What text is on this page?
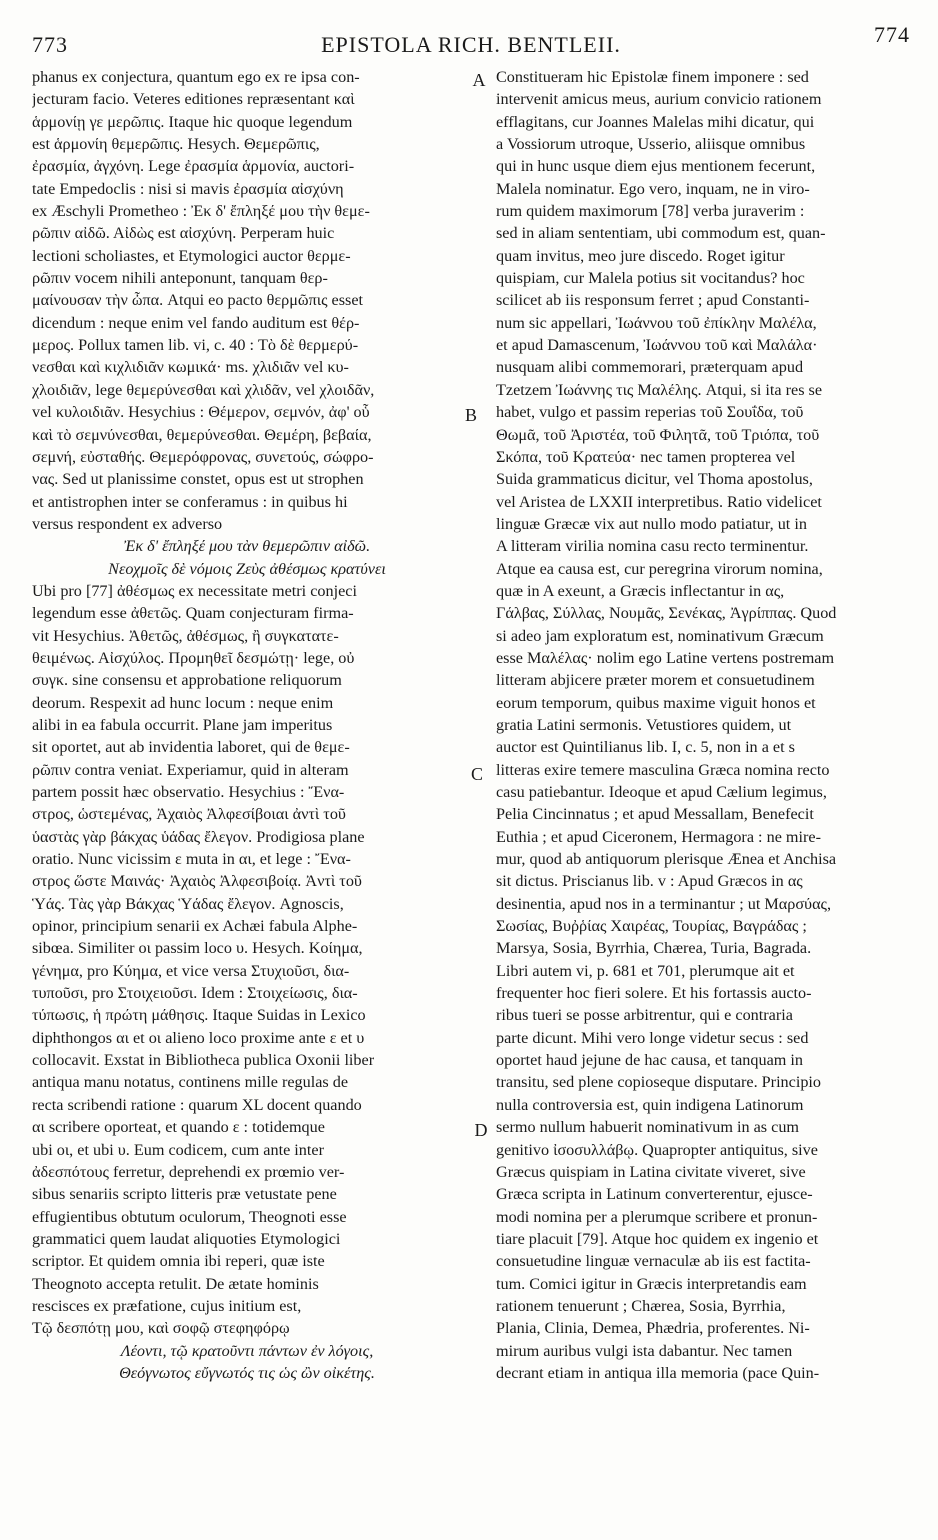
773	EPISTOLA RICH. BENTLEII.	774
phanus ex conjectura, quantum ego ex re ipsa con-
jecturam facio. Veteres editiones repræsentant καὶ
ἁρμονίῃ γε μερῶπις. Itaque hic quoque legendum
est ἁρμονίη θεμερῶπις. Hesych. Θεμερῶπις,
ἐρασμία, ἀγχόνη. Lege ἐρασμία ἁρμονία, auctori-
tate Empedoclis : nisi si mavis ἐρασμία αἰσχύνη
ex Æschyli Prometheo : Ἐκ δ' ἔπληξέ μου τὴν θεμε-
ρῶπιν αἰδῶ. Αἰδὼς est αἰσχύνη. Perperam huic
lectioni scholiastes, et Etymologici auctor θερμε-
ρῶπιν vocem nihili anteponunt, tanquam θερ-
μαίνουσαν τὴν ὦπα. Atqui eo pacto θερμῶπις esset
dicendum : neque enim vel fando auditum est θέρ-
μερος. Pollux tamen lib. vi, c. 40 : Τὸ δὲ θερμερύ-
νεσθαι καὶ κιχλιδιᾶν κωμικά· ms. χλιδιᾶν vel κυ-
χλοιδιᾶν, lege θεμερύνεσθαι καὶ χλιδᾶν, vel χλοιδᾶν,
vel κυλοιδιᾶν. Hesychius : Θέμερον, σεμνόν, ἀφ' οὗ
καὶ τὸ σεμνύνεσθαι, θεμερύνεσθαι. Θεμέρη, βεβαία,
σεμνή, εὐσταθής. Θεμερόφρονας, συνετούς, σώφρο-
νας. Sed ut planissime constet, opus est ut strophen
et antistrophen inter se conferamus : in quibus hi
versus respondent ex adverso
Ἐκ δ' ἔπληξέ μου τὰν θεμερῶπιν αἰδῶ.
Νεοχμοῖς δὲ νόμοις Ζεὺς ἀθέσμως κρατύνει
Ubi pro [77] ἀθέσμως ex necessitate metri conjeci
legendum esse ἀθετῶς. Quam conjecturam firma-
vit Hesychius. Ἀθετῶς, ἀθέσμως, ἢ συγκατατε-
θειμένως. Αἰσχύλος. Προμηθεῖ δεσμώτῃ· lege, οὐ
συγκ. sine consensu et approbatione reliquorum
deorum. Respexit ad hunc locum : neque enim
alibi in ea fabula occurrit. Plane jam imperitus
sit oportet, aut ab invidentia laboret, qui de θεμε-
ρῶπιν contra veniat. Experiamur, quid in alteram
partem possit hæc observatio. Hesychius : Ἔνα-
στρος, ὡστεμένας, Ἀχαιὸς Ἀλφεσίβοιαι ἀντὶ τοῦ
ὑαστὰς γὰρ βάκχας ὑάδας ἔλεγον. Prodigiosa plane
oratio. Nunc vicissim ε muta in αι, et lege : Ἔνα-
στρος ὥστε Μαινάς· Ἀχαιὸς Ἀλφεσιβοίᾳ. Ἀντὶ τοῦ
Ὑάς. Τὰς γὰρ Βάκχας Ὑάδας ἔλεγον. Agnoscis,
opinor, principium senarii ex Achæi fabula Alphe-
sibœa. Similiter οι passim loco υ. Hesych. Κοίημα,
γένημα, pro Κύημα, et vice versa Στυχιοῦσι, δια-
τυποῦσι, pro Στοιχειοῦσι. Idem : Στοιχείωσις, δια-
τύπωσις, ἡ πρώτη μάθησις. Itaque Suidas in Lexico
diphthongos αι et οι alieno loco proxime ante ε et υ
collocavit. Exstat in Bibliotheca publica Oxonii liber
antiqua manu notatus, continens mille regulas de
recta scribendi ratione : quarum XL docent quando
αι scribere oporteat, et quando ε : totidemque
ubi οι, et ubi υ. Eum codicem, cum ante inter
ἀδεσπότους ferretur, deprehendi ex prœmio ver-
sibus senariis scripto litteris præ vetustate pene
effugientibus obtutum oculorum, Theognoti esse
grammatici quem laudat aliquoties Etymologici
scriptor. Et quidem omnia ibi reperi, quæ iste
Theognoto accepta retulit. De ætate hominis
rescisces ex præfatione, cujus initium est,
Τῷ δεσπότῃ μου, καὶ σοφῷ στεφηφόρῳ
Λέοντι, τῷ κρατοῦντι πάντων ἐν λόγοις,
Θεόγνωτος εὔγνωτός τις ὡς ὢν οἰκέτης.
Constitueram hic Epistolæ finem imponere : sed
intervenit amicus meus, aurium convicio rationem
efflagitans, cur Joannes Malelas mihi dicatur, qui
a Vossiorum utroque, Usserio, aliisque omnibus
qui in hunc usque diem ejus mentionem fecerunt,
Malela nominatur. Ego vero, inquam, ne in viro-
rum quidem maximorum [78] verba juraverim :
sed in aliam sententiam, ubi commodum est, quan-
quam invitus, meo jure discedo. Roget igitur
quispiam, cur Malela potius sit vocitandus? hoc
scilicet ab iis responsum ferret ; apud Constanti-
num sic appellari, Ἰωάννου τοῦ ἐπίκλην Μαλέλα,
et apud Damascenum, Ἰωάννου τοῦ καὶ Μαλάλα·
nusquam alibi commemorari, præterquam apud
Tzetzem Ἰωάννης τις Μαλέλης. Atqui, si ita res se
habet, vulgo et passim reperias τοῦ Σουΐδα, τοῦ
Θωμᾶ, τοῦ Ἀριστέα, τοῦ Φιλητᾶ, τοῦ Τριόπα, τοῦ
Σκόπα, τοῦ Κρατεύα· nec tamen propterea vel
Suida grammaticus dicitur, vel Thoma apostolus,
vel Aristea de LXXII interpretibus. Ratio videlicet
linguæ Græcæ vix aut nullo modo patiatur, ut in
A litteram virilia nomina casu recto terminentur.
Atque ea causa est, cur peregrina virorum nomina,
quæ in A exeunt, a Græcis inflectantur in ας,
Γάλβας, Σύλλας, Νουμᾶς, Σενέκας, Ἀγρίππας. Quod
si adeo jam exploratum est, nominativum Græcum
esse Μαλέλας· nolim ego Latine vertens postremam
litteram abjicere præter morem et consuetudinem
eorum temporum, quibus maxime viguit honos et
gratia Latini sermonis. Vetustiores quidem, ut
auctor est Quintilianus lib. I, c. 5, non in a et s
litteras exire temere masculina Græca nomina recto
casu patiebantur. Ideoque et apud Cælium legimus,
Pelia Cincinnatus ; et apud Messallam, Benefecit
Euthia ; et apud Ciceronem, Hermagora : ne mire-
mur, quod ab antiquorum plerisque Ænea et Anchisa
sit dictus. Priscianus lib. v : Apud Græcos in ας
desinentia, apud nos in a terminantur ; ut Μαρσύας,
Σωσίας, Βυῤῥίας Χαιρέας, Τουρίας, Βαγράδας ;
Marsya, Sosia, Byrrhia, Chærea, Turia, Bagrada.
Libri autem vi, p. 681 et 701, plerumque ait et
frequenter hoc fieri solere. Et his fortassis aucto-
ribus tueri se posse arbitrentur, qui e contraria
parte dicunt. Mihi vero longe videtur secus : sed
oportet haud jejune de hac causa, et tanquam in
transitu, sed plene copioseque disputare. Principio
nulla controversia est, quin indigena Latinorum
sermo nullum habuerit nominativum in as cum
genitivo ἰσοσυλλάβῳ. Quapropter antiquitus, sive
Græcus quispiam in Latina civitate viveret, sive
Græca scripta in Latinum converterentur, ejusce-
modi nomina per a plerumque scribere et pronun-
tiare placuit [79]. Atque hoc quidem ex ingenio et
consuetudine linguæ vernaculæ ab iis est factita-
tum. Comici igitur in Græcis interpretandis eam
rationem tenuerunt ; Chærea, Sosia, Byrrhia,
Plania, Clinia, Demea, Phædria, proferentes. Ni-
mirum auribus vulgi ista dabantur. Nec tamen
decrant etiam in antiqua illa memoria (pace Quin-
A
B
C
D
